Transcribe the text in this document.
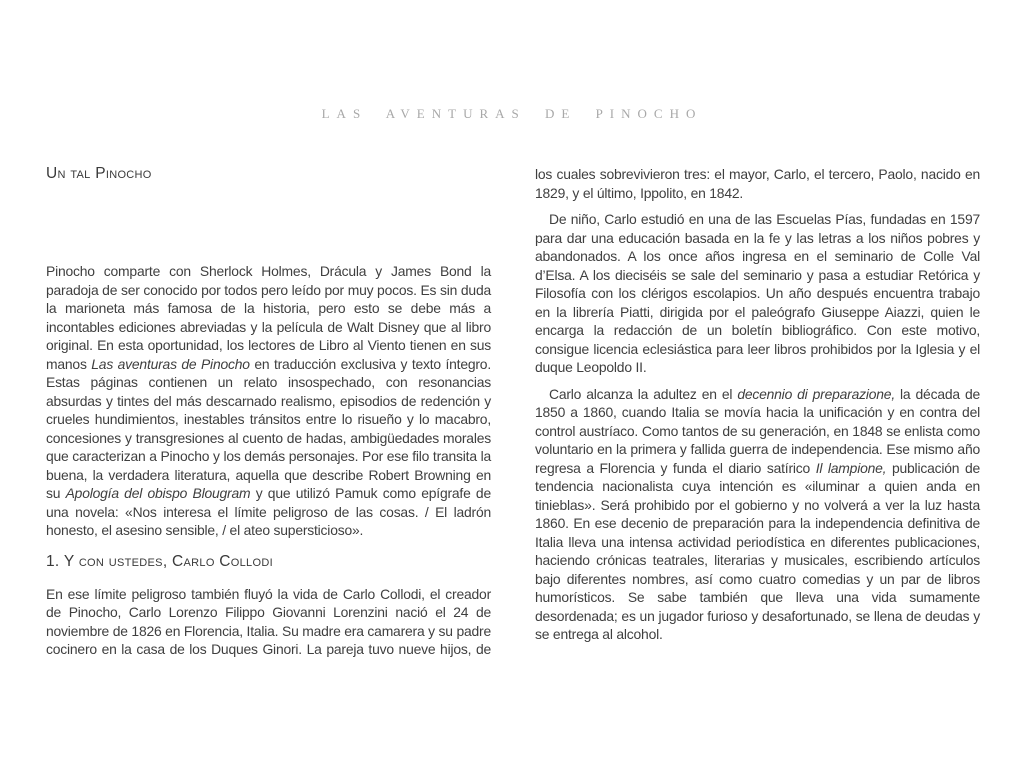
LAS AVENTURAS DE PINOCHO
Un tal Pinocho

Pinocho comparte con Sherlock Holmes, Drácula y James Bond la paradoja de ser conocido por todos pero leído por muy pocos. Es sin duda la marioneta más famosa de la historia, pero esto se debe más a incontables ediciones abreviadas y la película de Walt Disney que al libro original. En esta oportunidad, los lectores de Libro al Viento tienen en sus manos Las aventuras de Pinocho en traducción exclusiva y texto íntegro. Estas páginas contienen un relato insospechado, con resonancias absurdas y tintes del más descarnado realismo, episodios de redención y crueles hundimientos, inestables tránsitos entre lo risueño y lo macabro, concesiones y transgresiones al cuento de hadas, ambigüedades morales que caracterizan a Pinocho y los demás personajes. Por ese filo transita la buena, la verdadera literatura, aquella que describe Robert Browning en su Apología del obispo Blougram y que utilizó Pamuk como epígrafe de una novela: «Nos interesa el límite peligroso de las cosas. / El ladrón honesto, el asesino sensible, / el ateo supersticioso».

1. Y con ustedes, Carlo Collodi

En ese límite peligroso también fluyó la vida de Carlo Collodi, el creador de Pinocho, Carlo Lorenzo Filippo Giovanni Lorenzini nació el 24 de noviembre de 1826 en Florencia, Italia. Su madre era camarera y su padre cocinero en la casa de los Duques Ginori. La pareja tuvo nueve hijos, de

los cuales sobrevivieron tres: el mayor, Carlo, el tercero, Paolo, nacido en 1829, y el último, Ippolito, en 1842.

De niño, Carlo estudió en una de las Escuelas Pías, fundadas en 1597 para dar una educación basada en la fe y las letras a los niños pobres y abandonados. A los once años ingresa en el seminario de Colle Val d’Elsa. A los dieciséis se sale del seminario y pasa a estudiar Retórica y Filosofía con los clérigos escolapios. Un año después encuentra trabajo en la librería Piatti, dirigida por el paleógrafo Giuseppe Aiazzi, quien le encarga la redacción de un boletín bibliográfico. Con este motivo, consigue licencia eclesiástica para leer libros prohibidos por la Iglesia y el duque Leopoldo II.

Carlo alcanza la adultez en el decennio di preparazione, la década de 1850 a 1860, cuando Italia se movía hacia la unificación y en contra del control austríaco. Como tantos de su generación, en 1848 se enlista como voluntario en la primera y fallida guerra de independencia. Ese mismo año regresa a Florencia y funda el diario satírico Il lampione, publicación de tendencia nacionalista cuya intención es «iluminar a quien anda en tinieblas». Será prohibido por el gobierno y no volverá a ver la luz hasta 1860. En ese decenio de preparación para la independencia definitiva de Italia lleva una intensa actividad periodística en diferentes publicaciones, haciendo crónicas teatrales, literarias y musicales, escribiendo artículos bajo diferentes nombres, así como cuatro comedias y un par de libros humorísticos. Se sabe también que lleva una vida sumamente desordenada; es un jugador furioso y desafortunado, se llena de deudas y se entrega al alcohol.
